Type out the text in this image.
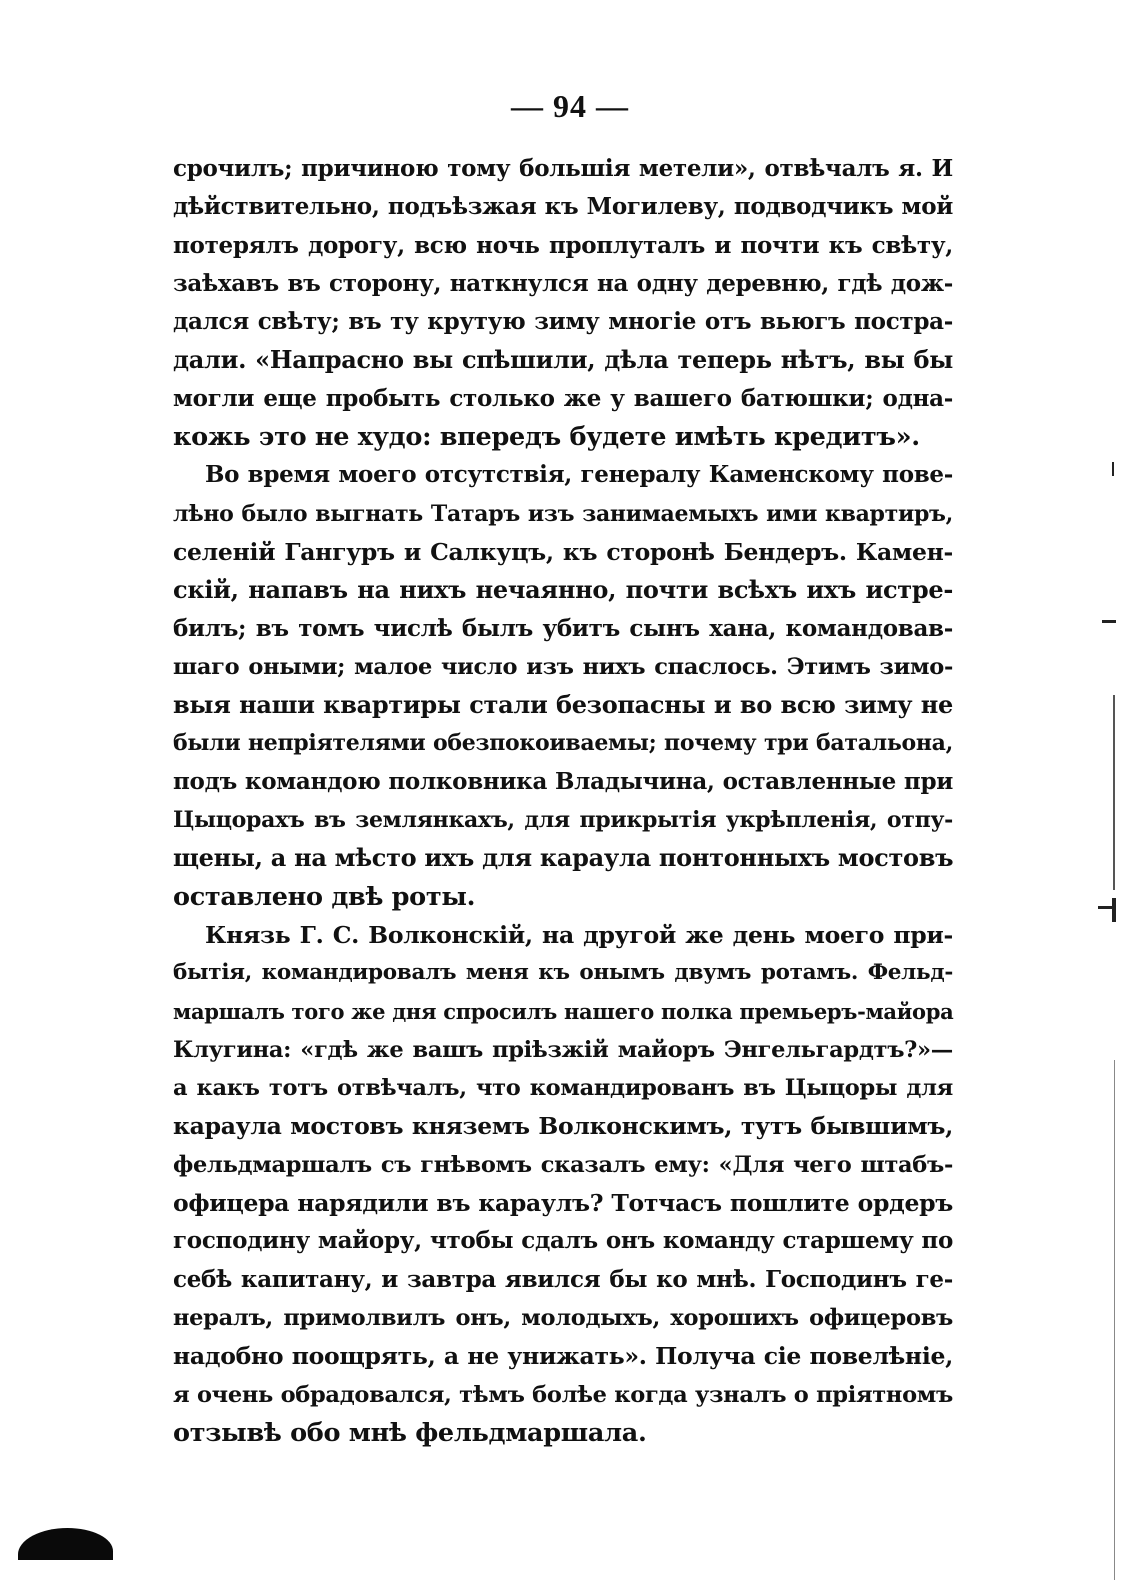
— 94 —
срочилъ; причиною тому большія метели», отвѣчалъ я. И
дѣйствительно, подъѣзжая къ Могилеву, подводчикъ мой
потерялъ дорогу, всю ночь проплуталъ и почти къ свѣту,
заѣхавъ въ сторону, наткнулся на одну деревню, гдѣ дож-
дался свѣту; въ ту крутую зиму многіе отъ вьюгъ постра-
дали. «Напрасно вы спѣшили, дѣла теперь нѣтъ, вы бы
могли еще пробыть столько же у вашего батюшки; одна-
кожь это не худо: впередъ будете имѣть кредитъ».
Во время моего отсутствія, генералу Каменскому пове-
лѣно было выгнать Татаръ изъ занимаемыхъ ими квартиръ,
селеній Гангуръ и Салкуцъ, къ сторонѣ Бендеръ. Камен-
скій, напавъ на нихъ нечаянно, почти всѣхъ ихъ истре-
билъ; въ томъ числѣ былъ убитъ сынъ хана, командовав-
шаго оными; малое число изъ нихъ спаслось. Этимъ зимо-
выя наши квартиры стали безопасны и во всю зиму не
были непріятелями обезпокоиваемы; почему три батальона,
подъ командою полковника Владычина, оставленные при
Цыцорахъ въ землянкахъ, для прикрытія укрѣпленія, отпу-
щены, а на мѣсто ихъ для караула понтонныхъ мостовъ
оставлено двѣ роты.
Князь Г. С. Волконскій, на другой же день моего при-
бытія, командировалъ меня къ онымъ двумъ ротамъ. Фельд-
маршалъ того же дня спросилъ нашего полка премьеръ-майора
Клугина: «гдѣ же вашъ пріѣзжій майоръ Энгельгардтъ?»—
а какъ тотъ отвѣчалъ, что командированъ въ Цыцоры для
караула мостовъ княземъ Волконскимъ, тутъ бывшимъ,
фельдмаршалъ съ гнѣвомъ сказалъ ему: «Для чего штабъ-
офицера нарядили въ караулъ? Тотчасъ пошлите ордеръ
господину майору, чтобы сдалъ онъ команду старшему по
себѣ капитану, и завтра явился бы ко мнѣ. Господинъ ге-
нералъ, примолвилъ онъ, молодыхъ, хорошихъ офицеровъ
надобно поощрять, а не унижать». Получа сіе повелѣніе,
я очень обрадовался, тѣмъ болѣе когда узналъ о пріятномъ
отзывѣ обо мнѣ фельдмаршала.
